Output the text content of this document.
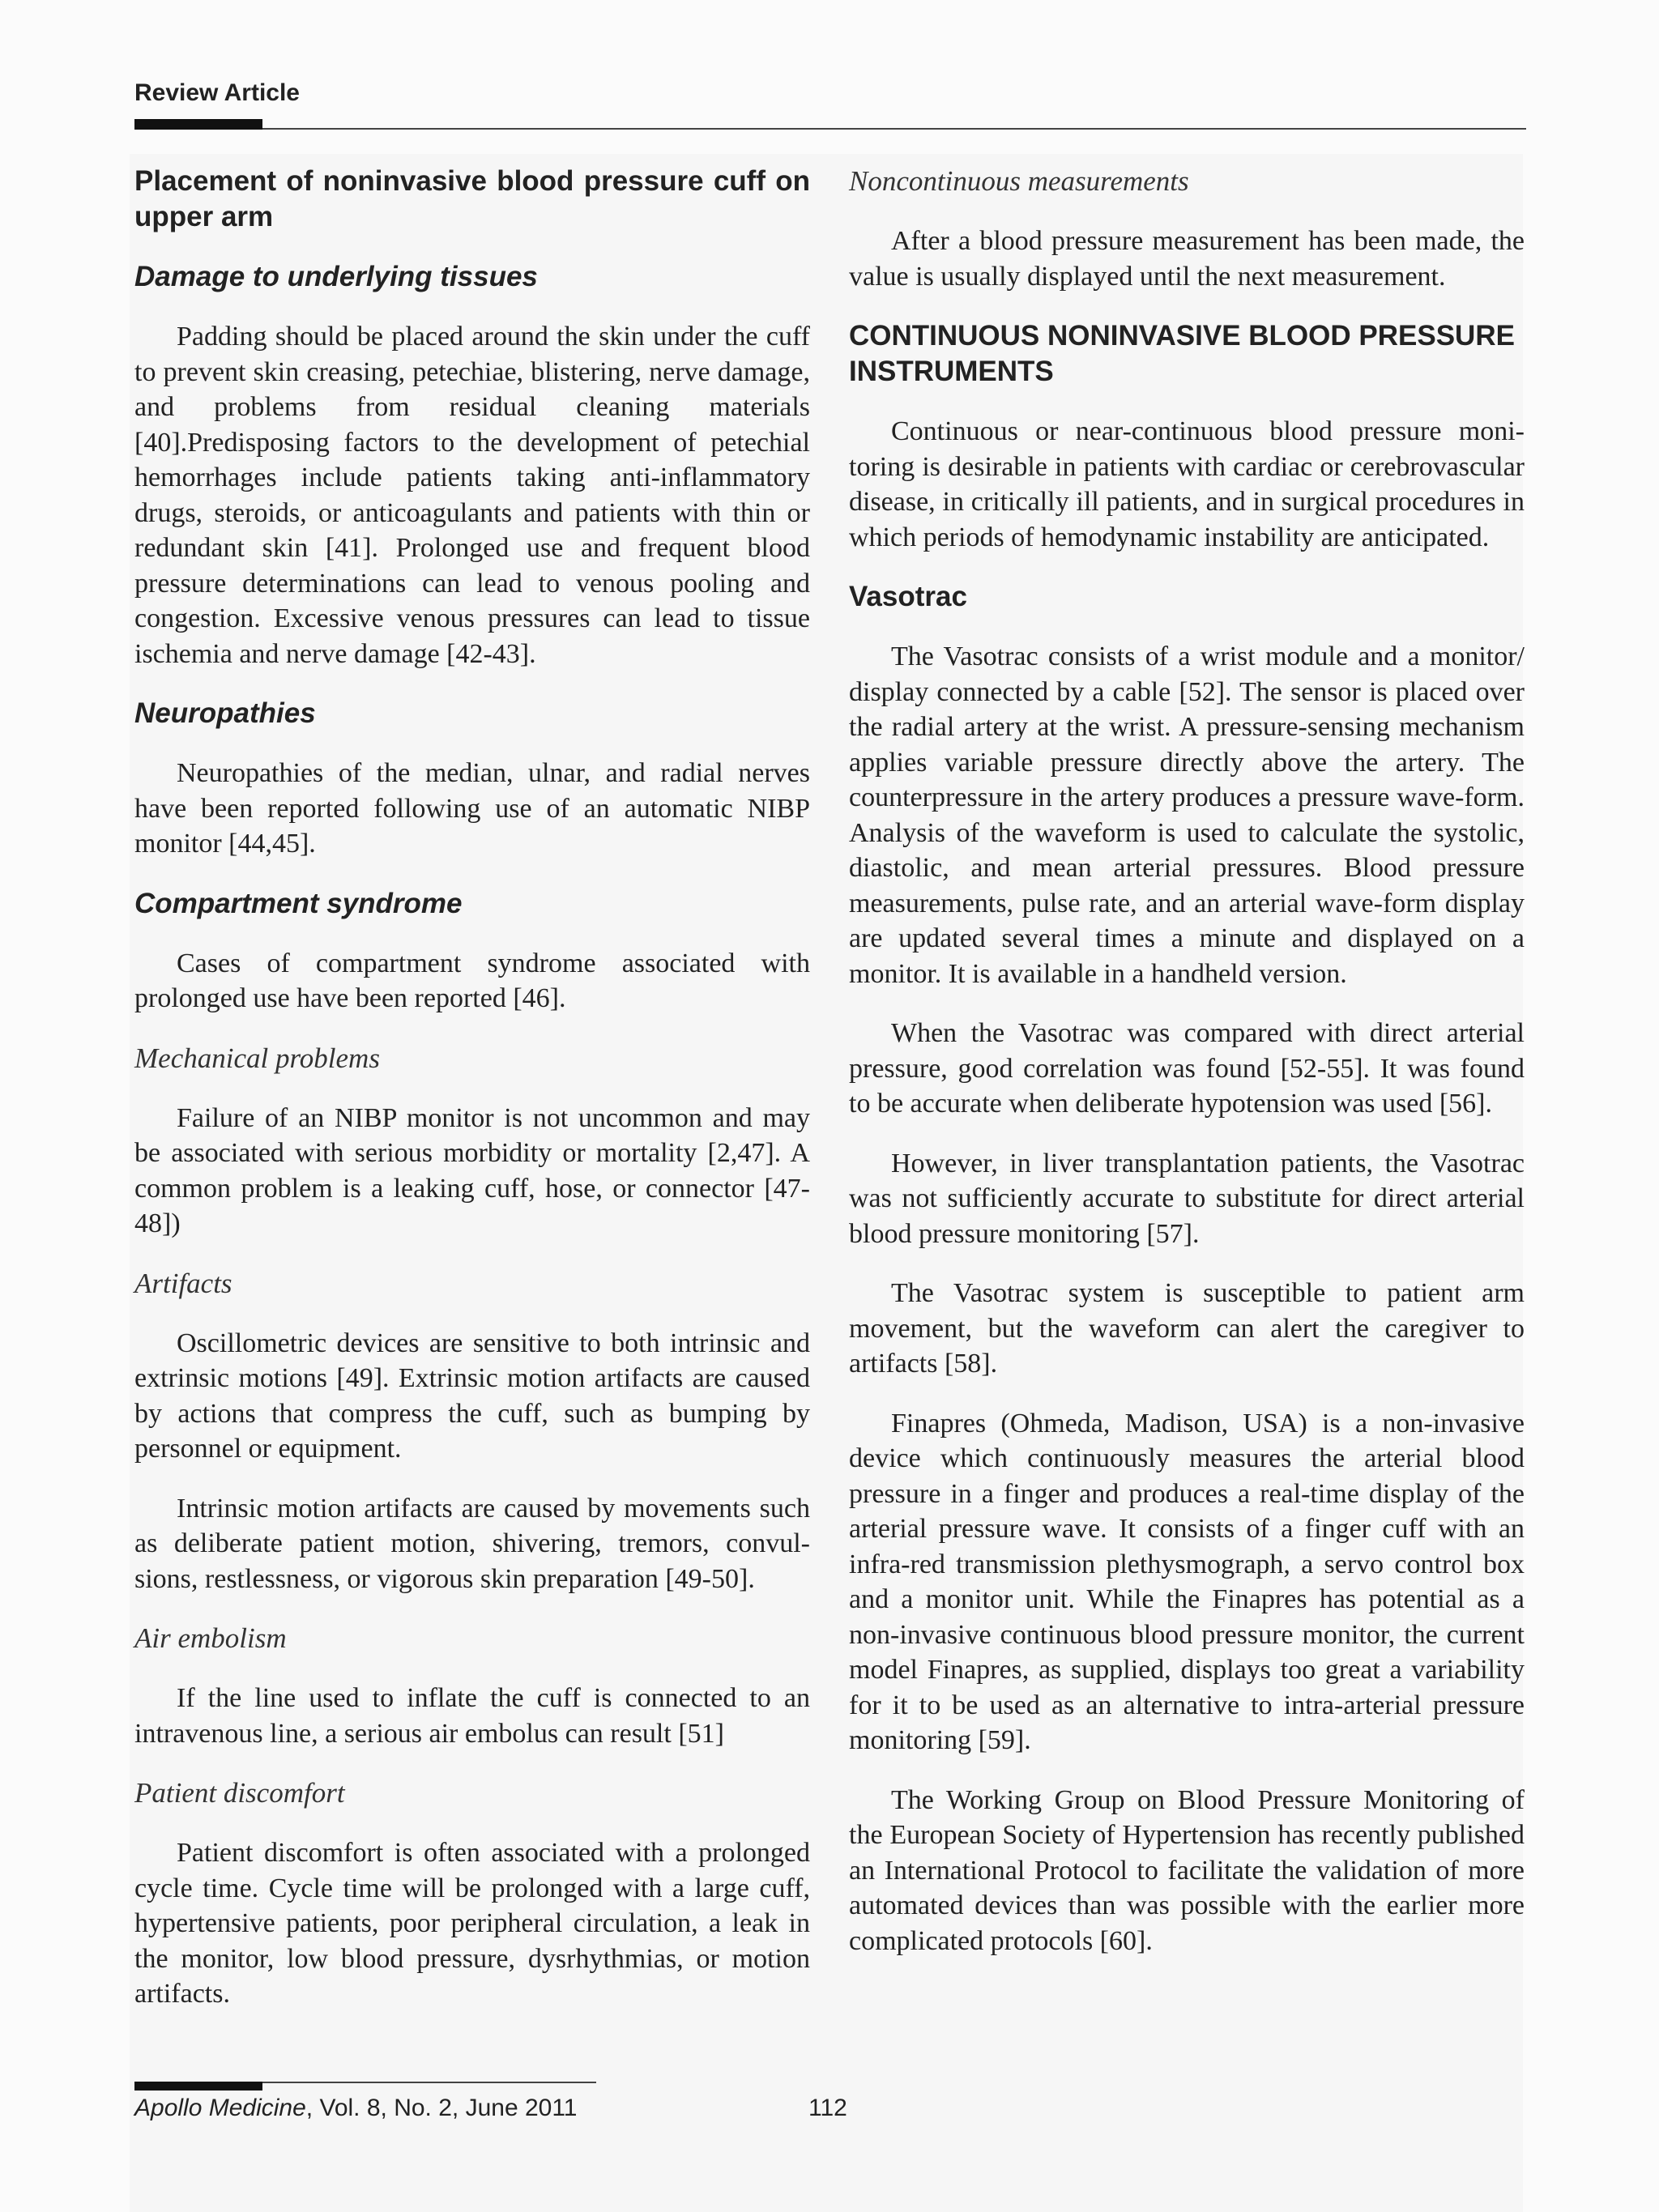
Review Article
Placement of noninvasive blood pressure cuff on upper arm
Damage to underlying tissues

Padding should be placed around the skin under the cuff to prevent skin creasing, petechiae, blistering, nerve damage, and problems from residual cleaning materials [40].Predisposing factors to the development of petechial hemorrhages include patients taking anti-inflammatory drugs, steroids, or anticoagulants and patients with thin or redundant skin [41]. Prolonged use and frequent blood pressure determinations can lead to venous pooling and congestion. Excessive venous pressures can lead to tissue ischemia and nerve damage [42-43].

Neuropathies

Neuropathies of the median, ulnar, and radial nerves have been reported following use of an automatic NIBP monitor [44,45].

Compartment syndrome

Cases of compartment syndrome associated with prolonged use have been reported [46].

Mechanical problems

Failure of an NIBP monitor is not uncommon and may be associated with serious morbidity or mortality [2,47]. A common problem is a leaking cuff, hose, or connector [47-48])

Artifacts

Oscillometric devices are sensitive to both intrinsic and extrinsic motions [49]. Extrinsic motion artifacts are caused by actions that compress the cuff, such as bumping by personnel or equipment.

Intrinsic motion artifacts are caused by movements such as deliberate patient motion, shivering, tremors, convul-sions, restlessness, or vigorous skin preparation [49-50].

Air embolism

If the line used to inflate the cuff is connected to an intravenous line, a serious air embolus can result [51]

Patient discomfort

Patient discomfort is often associated with a prolonged cycle time. Cycle time will be prolonged with a large cuff, hypertensive patients, poor peripheral circulation, a leak in the monitor, low blood pressure, dysrhythmias, or motion artifacts.

Noncontinuous measurements

After a blood pressure measurement has been made, the value is usually displayed until the next measurement.

CONTINUOUS NONINVASIVE BLOOD PRESSURE INSTRUMENTS

Continuous or near-continuous blood pressure moni-toring is desirable in patients with cardiac or cerebrovascular disease, in critically ill patients, and in surgical procedures in which periods of hemodynamic instability are anticipated.

Vasotrac

The Vasotrac consists of a wrist module and a monitor/ display connected by a cable [52]. The sensor is placed over the radial artery at the wrist. A pressure-sensing mechanism applies variable pressure directly above the artery. The counterpressure in the artery produces a pressure wave-form. Analysis of the waveform is used to calculate the systolic, diastolic, and mean arterial pressures. Blood pressure measurements, pulse rate, and an arterial wave-form display are updated several times a minute and displayed on a monitor. It is available in a handheld version.

When the Vasotrac was compared with direct arterial pressure, good correlation was found [52-55]. It was found to be accurate when deliberate hypotension was used [56].

However, in liver transplantation patients, the Vasotrac was not sufficiently accurate to substitute for direct arterial blood pressure monitoring [57].

The Vasotrac system is susceptible to patient arm movement, but the waveform can alert the caregiver to artifacts [58].

Finapres (Ohmeda, Madison, USA) is a non-invasive device which continuously measures the arterial blood pressure in a finger and produces a real-time display of the arterial pressure wave. It consists of a finger cuff with an infra-red transmission plethysmograph, a servo control box and a monitor unit. While the Finapres has potential as a non-invasive continuous blood pressure monitor, the current model Finapres, as supplied, displays too great a variability for it to be used as an alternative to intra-arterial pressure monitoring [59].

The Working Group on Blood Pressure Monitoring of the European Society of Hypertension has recently published an International Protocol to facilitate the validation of more automated devices than was possible with the earlier more complicated protocols [60].

Apollo Medicine, Vol. 8, No. 2, June 2011	112
